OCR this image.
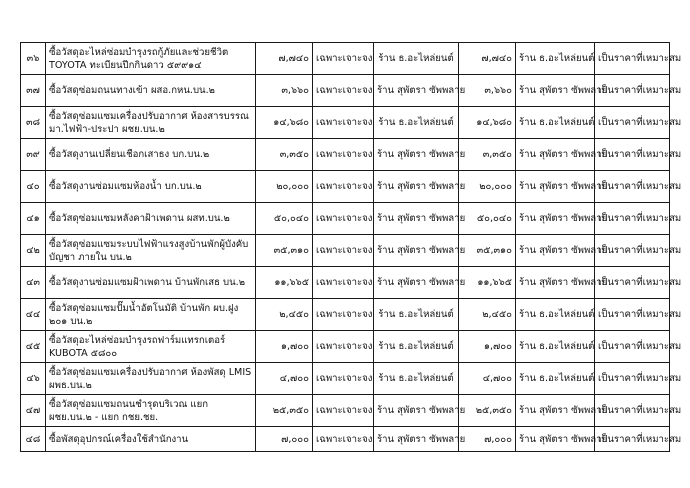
๓๖	ซื้อวัสดุอะไหล่ซ่อมบำรุงรถกู้ภัยและช่วยชีวิต TOYOTA ทะเบียนปีกกินดาว ๕๙๙๑๔	๗,๗๔๐	เฉพาะเจาะจง	ร้าน ธ.อะไหล่ยนต์	๗,๗๔๐	ร้าน ธ.อะไหล่ยนต์	เป็นราคาที่เหมาะสม
๓๗	ซื้อวัสดุซ่อมถนนทางเข้า ผสอ.กหน.บน.๒	๓,๖๖๐	เฉพาะเจาะจง	ร้าน สุพัตรา ซัพพลาย	๓,๖๖๐	ร้าน สุพัตรา ซัพพลาย	เป็นราคาที่เหมาะสม
๓๘	ซื้อวัสดุซ่อมแซมเครื่องปรับอากาศ ห้องสารบรรณ มา.ไฟฟ้า-ประปา ผชย.บน.๒	๑๔,๖๘๐	เฉพาะเจาะจง	ร้าน ธ.อะไหล่ยนต์	๑๔,๖๘๐	ร้าน ธ.อะไหล่ยนต์	เป็นราคาที่เหมาะสม
๓๙	ซื้อวัสดุงานเปลี่ยนเชือกเสาธง บก.บน.๒	๓,๓๕๐	เฉพาะเจาะจง	ร้าน สุพัตรา ซัพพลาย	๓,๓๕๐	ร้าน สุพัตรา ซัพพลาย	เป็นราคาที่เหมาะสม
๔๐	ซื้อวัสดุงานซ่อมแซมห้องน้ำ บก.บน.๒	๒๐,๐๐๐	เฉพาะเจาะจง	ร้าน สุพัตรา ซัพพลาย	๒๐,๐๐๐	ร้าน สุพัตรา ซัพพลาย	เป็นราคาที่เหมาะสม
๔๑	ซื้อวัสดุซ่อมแซมหลังคาฝ้าเพดาน ผสท.บน.๒	๕๐,๐๔๐	เฉพาะเจาะจง	ร้าน สุพัตรา ซัพพลาย	๕๐,๐๔๐	ร้าน สุพัตรา ซัพพลาย	เป็นราคาที่เหมาะสม
๔๒	ซื้อวัสดุซ่อมแซมระบบไฟฟ้าแรงสูงบ้านพักผู้บังคับบัญชา ภายใน บน.๒	๓๕,๓๑๐	เฉพาะเจาะจง	ร้าน สุพัตรา ซัพพลาย	๓๕,๓๑๐	ร้าน สุพัตรา ซัพพลาย	เป็นราคาที่เหมาะสม
๔๓	ซื้อวัสดุงานซ่อมแซมฝ้าเพดาน บ้านพักเสธ บน.๒	๑๑,๖๖๕	เฉพาะเจาะจง	ร้าน สุพัตรา ซัพพลาย	๑๑,๖๖๕	ร้าน สุพัตรา ซัพพลาย	เป็นราคาที่เหมาะสม
๔๔	ซื้อวัสดุซ่อมแซมปั๊มน้ำอัตโนมัติ บ้านพัก ผบ.ฝูง ๒๐๑ บน.๒	๒,๔๕๐	เฉพาะเจาะจง	ร้าน ธ.อะไหล่ยนต์	๒,๔๕๐	ร้าน ธ.อะไหล่ยนต์	เป็นราคาที่เหมาะสม
๔๕	ซื้อวัสดุอะไหล่ซ่อมบำรุงรถฟาร์มแทรกเตอร์ KUBOTA ๕๘๐๐	๑,๗๐๐	เฉพาะเจาะจง	ร้าน ธ.อะไหล่ยนต์	๑,๗๐๐	ร้าน ธ.อะไหล่ยนต์	เป็นราคาที่เหมาะสม
๔๖	ซื้อวัสดุซ่อมแซมเครื่องปรับอากาศ ห้องพัสดุ LMIS ผพธ.บน.๒	๔,๗๐๐	เฉพาะเจาะจง	ร้าน ธ.อะไหล่ยนต์	๔,๗๐๐	ร้าน ธ.อะไหล่ยนต์	เป็นราคาที่เหมาะสม
๔๗	ซื้อวัสดุซ่อมแซมถนนชำรุดบริเวณ แยก ผชย.บน.๒ - แยก กชย.ชย.	๒๕,๓๕๐	เฉพาะเจาะจง	ร้าน สุพัตรา ซัพพลาย	๒๕,๓๕๐	ร้าน สุพัตรา ซัพพลาย	เป็นราคาที่เหมาะสม
๔๘	ซื้อพัสดุอุปกรณ์เครื่องใช้สำนักงาน	๗,๐๐๐	เฉพาะเจาะจง	ร้าน สุพัตรา ซัพพลาย	๗,๐๐๐	ร้าน สุพัตรา ซัพพลาย	เป็นราคาที่เหมาะสม
